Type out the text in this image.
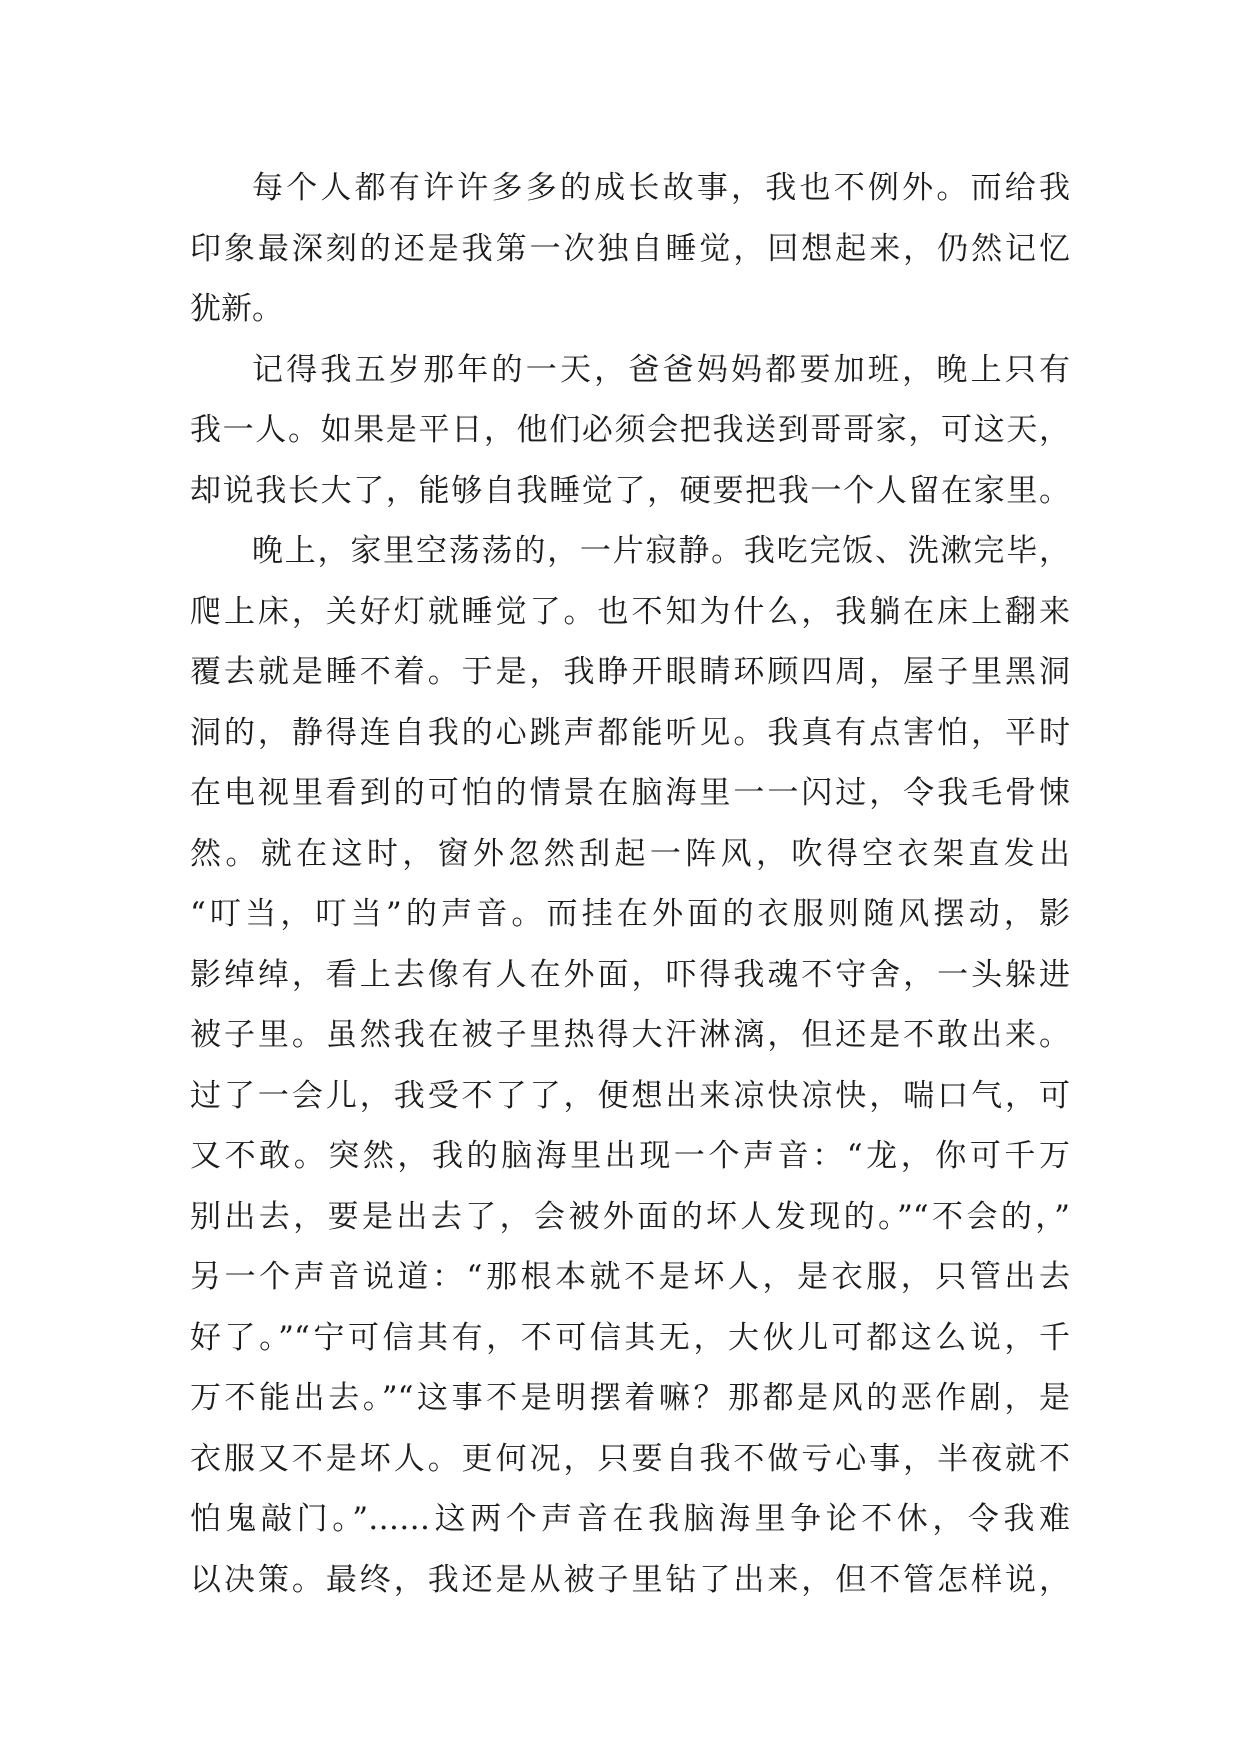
每个人都有许许多多的成长故事，我也不例外。而给我
印象最深刻的还是我第一次独自睡觉，回想起来，仍然记忆
犹新。
记得我五岁那年的一天，爸爸妈妈都要加班，晚上只有
我一人。如果是平日，他们必须会把我送到哥哥家，可这天，
却说我长大了，能够自我睡觉了，硬要把我一个人留在家里。
晚上，家里空荡荡的，一片寂静。我吃完饭、洗漱完毕，
爬上床，关好灯就睡觉了。也不知为什么，我躺在床上翻来
覆去就是睡不着。于是，我睁开眼睛环顾四周，屋子里黑洞
洞的，静得连自我的心跳声都能听见。我真有点害怕，平时
在电视里看到的可怕的情景在脑海里一一闪过，令我毛骨悚
然。就在这时，窗外忽然刮起一阵风，吹得空衣架直发出
“叮当，叮当”的声音。而挂在外面的衣服则随风摆动，影
影绰绰，看上去像有人在外面，吓得我魂不守舍，一头躲进
被子里。虽然我在被子里热得大汗淋漓，但还是不敢出来。
过了一会儿，我受不了了，便想出来凉快凉快，喘口气，可
又不敢。突然，我的脑海里出现一个声音：“龙，你可千万
别出去，要是出去了，会被外面的坏人发现的。”“不会的，”
另一个声音说道：“那根本就不是坏人，是衣服，只管出去
好了。”“宁可信其有，不可信其无，大伙儿可都这么说，千
万不能出去。”“这事不是明摆着嘛？那都是风的恶作剧，是
衣服又不是坏人。更何况，只要自我不做亏心事，半夜就不
怕鬼敲门。”……这两个声音在我脑海里争论不休，令我难
以决策。最终，我还是从被子里钻了出来，但不管怎样说，
